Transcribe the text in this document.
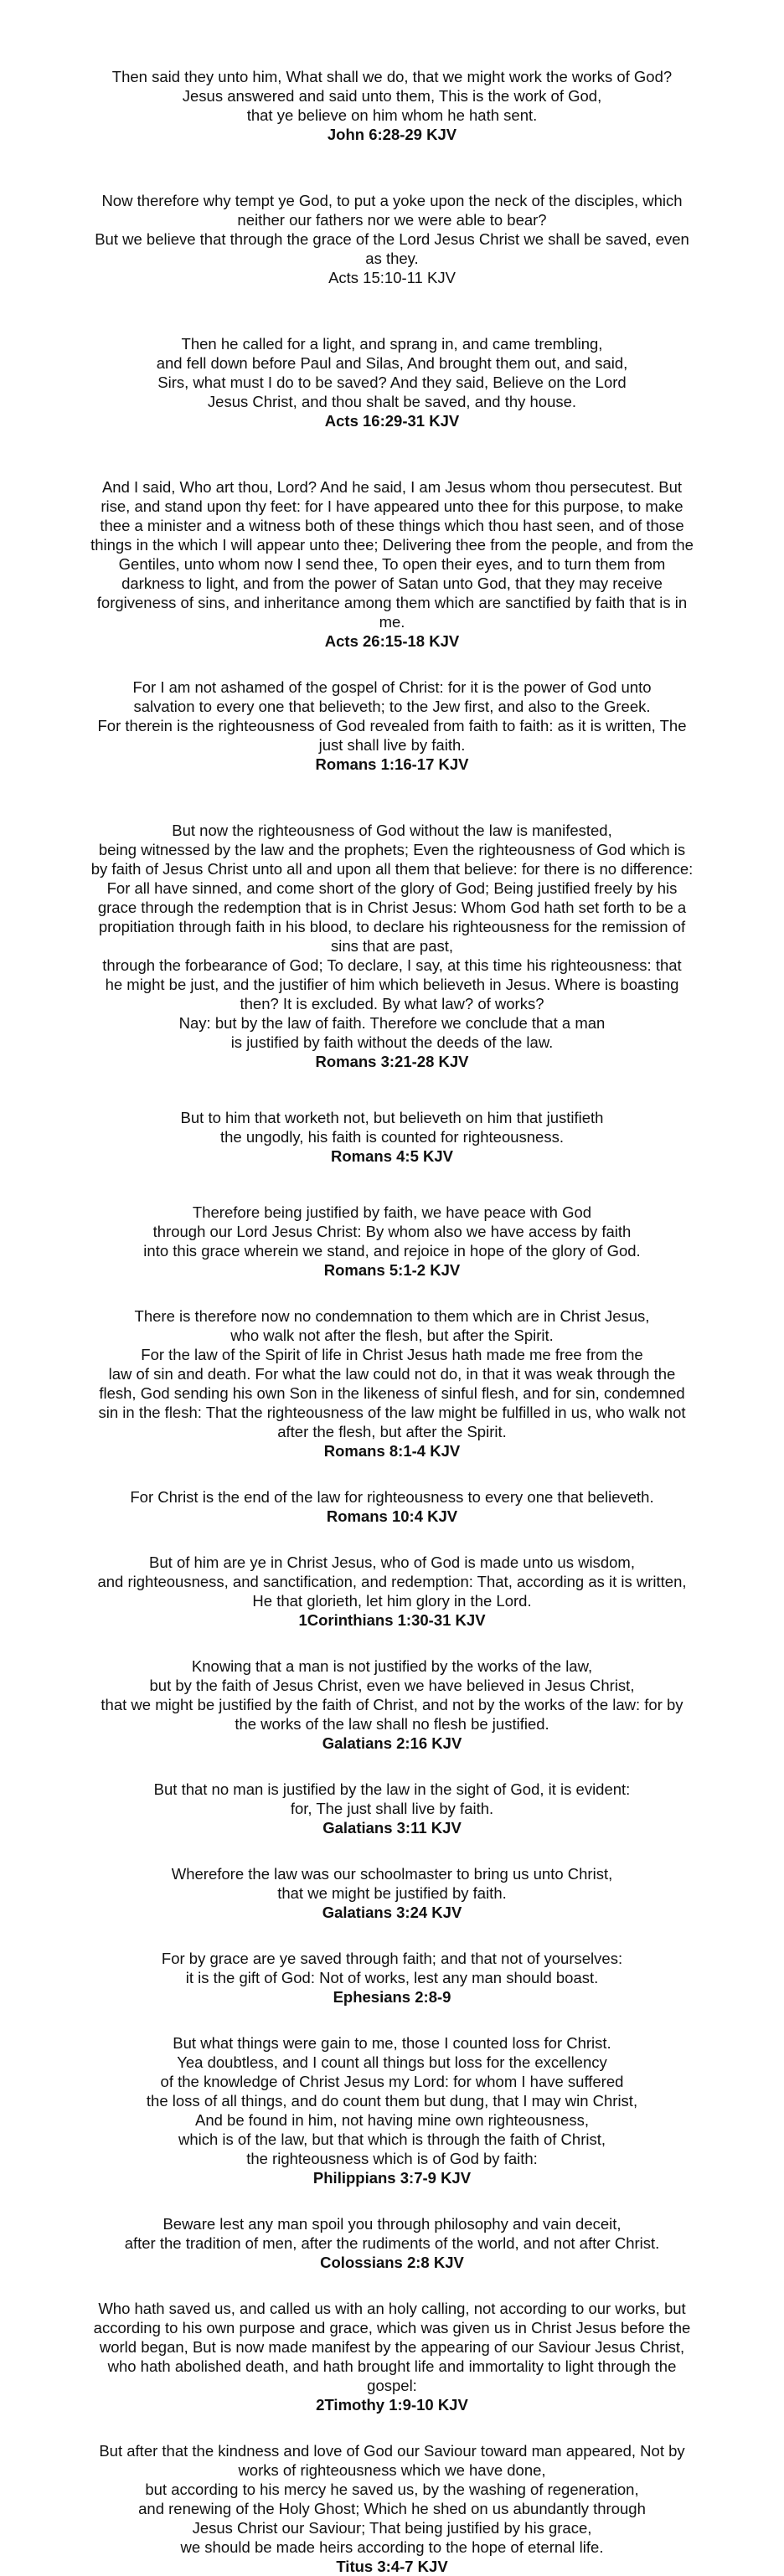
Then said they unto him, What shall we do, that we might work the works of God?
Jesus answered and said unto them, This is the work of God,
that ye believe on him whom he hath sent.
John 6:28-29 KJV
Now therefore why tempt ye God, to put a yoke upon the neck of the disciples, which
neither our fathers nor we were able to bear?
But we believe that through the grace of the Lord Jesus Christ we shall be saved, even
as they.
Acts 15:10-11 KJV
Then he called for a light, and sprang in, and came trembling,
and fell down before Paul and Silas, And brought them out, and said,
Sirs, what must I do to be saved? And they said, Believe on the Lord
Jesus Christ, and thou shalt be saved, and thy house.
Acts 16:29-31 KJV
And I said, Who art thou, Lord? And he said, I am Jesus whom thou persecutest. But
rise, and stand upon thy feet: for I have appeared unto thee for this purpose, to make
thee a minister and a witness both of these things which thou hast seen, and of those
things in the which I will appear unto thee; Delivering thee from the people, and from the
Gentiles, unto whom now I send thee, To open their eyes, and to turn them from
darkness to light, and from the power of Satan unto God, that they may receive
forgiveness of sins, and inheritance among them which are sanctified by faith that is in
me.
Acts 26:15-18 KJV
For I am not ashamed of the gospel of Christ: for it is the power of God unto
salvation to every one that believeth; to the Jew first, and also to the Greek.
For therein is the righteousness of God revealed from faith to faith: as it is written, The
just shall live by faith.
Romans 1:16-17 KJV
But now the righteousness of God without the law is manifested,
being witnessed by the law and the prophets; Even the righteousness of God which is
by faith of Jesus Christ unto all and upon all them that believe: for there is no difference:
For all have sinned, and come short of the glory of God; Being justified freely by his
grace through the redemption that is in Christ Jesus: Whom God hath set forth to be a
propitiation through faith in his blood, to declare his righteousness for the remission of
sins that are past,
through the forbearance of God; To declare, I say, at this time his righteousness: that
he might be just, and the justifier of him which believeth in Jesus. Where is boasting
then? It is excluded. By what law? of works?
Nay: but by the law of faith. Therefore we conclude that a man
is justified by faith without the deeds of the law.
Romans 3:21-28 KJV
But to him that worketh not, but believeth on him that justifieth
the ungodly, his faith is counted for righteousness.
Romans 4:5 KJV
Therefore being justified by faith, we have peace with God
through our Lord Jesus Christ: By whom also we have access by faith
into this grace wherein we stand, and rejoice in hope of the glory of God.
Romans 5:1-2 KJV
There is therefore now no condemnation to them which are in Christ Jesus,
who walk not after the flesh, but after the Spirit.
For the law of the Spirit of life in Christ Jesus hath made me free from the
law of sin and death. For what the law could not do, in that it was weak through the
flesh, God sending his own Son in the likeness of sinful flesh, and for sin, condemned
sin in the flesh: That the righteousness of the law might be fulfilled in us, who walk not
after the flesh, but after the Spirit.
Romans 8:1-4 KJV
For Christ is the end of the law for righteousness to every one that believeth.
Romans 10:4 KJV
But of him are ye in Christ Jesus, who of God is made unto us wisdom,
and righteousness, and sanctification, and redemption: That, according as it is written,
He that glorieth, let him glory in the Lord.
1Corinthians 1:30-31 KJV
Knowing that a man is not justified by the works of the law,
but by the faith of Jesus Christ, even we have believed in Jesus Christ,
that we might be justified by the faith of Christ, and not by the works of the law: for by
the works of the law shall no flesh be justified.
Galatians 2:16 KJV
But that no man is justified by the law in the sight of God, it is evident:
for, The just shall live by faith.
Galatians 3:11 KJV
Wherefore the law was our schoolmaster to bring us unto Christ,
that we might be justified by faith.
Galatians 3:24 KJV
For by grace are ye saved through faith; and that not of yourselves:
it is the gift of God: Not of works, lest any man should boast.
Ephesians 2:8-9
But what things were gain to me, those I counted loss for Christ.
Yea doubtless, and I count all things but loss for the excellency
of the knowledge of Christ Jesus my Lord: for whom I have suffered
the loss of all things, and do count them but dung, that I may win Christ,
And be found in him, not having mine own righteousness,
which is of the law, but that which is through the faith of Christ,
the righteousness which is of God by faith:
Philippians 3:7-9 KJV
Beware lest any man spoil you through philosophy and vain deceit,
after the tradition of men, after the rudiments of the world, and not after Christ.
Colossians 2:8 KJV
Who hath saved us, and called us with an holy calling, not according to our works, but
according to his own purpose and grace, which was given us in Christ Jesus before the
world began, But is now made manifest by the appearing of our Saviour Jesus Christ,
who hath abolished death, and hath brought life and immortality to light through the
gospel:
2Timothy 1:9-10 KJV
But after that the kindness and love of God our Saviour toward man appeared, Not by
works of righteousness which we have done,
but according to his mercy he saved us, by the washing of regeneration,
and renewing of the Holy Ghost; Which he shed on us abundantly through
Jesus Christ our Saviour; That being justified by his grace,
we should be made heirs according to the hope of eternal life.
Titus 3:4-7 KJV
